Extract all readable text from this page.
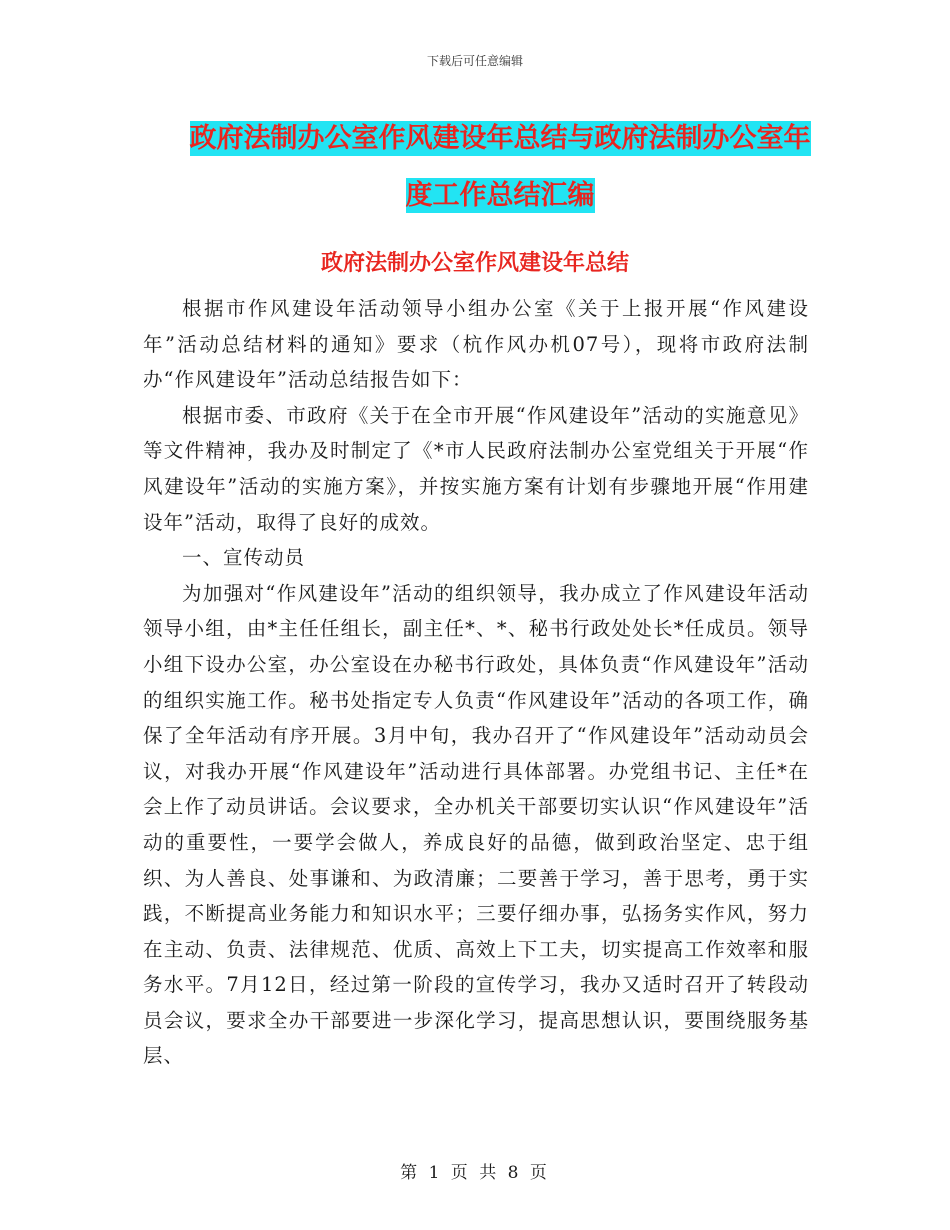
下载后可任意编辑
政府法制办公室作风建设年总结与政府法制办公室年
度工作总结汇编
政府法制办公室作风建设年总结

根据市作风建设年活动领导小组办公室《关于上报开展“作风建设年”活动总结材料的通知》要求（杭作风办机07号），现将市政府法制办“作风建设年”活动总结报告如下：

根据市委、市政府《关于在全市开展“作风建设年”活动的实施意见》等文件精神，我办及时制定了《*市人民政府法制办公室党组关于开展“作风建设年”活动的实施方案》，并按实施方案有计划有步骤地开展“作用建设年”活动，取得了良好的成效。

一、宣传动员

为加强对“作风建设年”活动的组织领导，我办成立了作风建设年活动领导小组，由*主任任组长，副主任*、*、秘书行政处处长*任成员。领导小组下设办公室，办公室设在办秘书行政处，具体负责“作风建设年”活动的组织实施工作。秘书处指定专人负责“作风建设年”活动的各项工作，确保了全年活动有序开展。3月中旬，我办召开了“作风建设年”活动动员会议，对我办开展“作风建设年”活动进行具体部署。办党组书记、主任*在会上作了动员讲话。会议要求，全办机关干部要切实认识“作风建设年”活动的重要性，一要学会做人，养成良好的品德，做到政治坚定、忠于组织、为人善良、处事谦和、为政清廉；二要善于学习，善于思考，勇于实践，不断提高业务能力和知识水平；三要仔细办事，弘扬务实作风，努力在主动、负责、法律规范、优质、高效上下工夫，切实提高工作效率和服务水平。7月12日，经过第一阶段的宣传学习，我办又适时召开了转段动员会议，要求全办干部要进一步深化学习，提高思想认识，要围绕服务基层、

第 1 页 共 8 页
